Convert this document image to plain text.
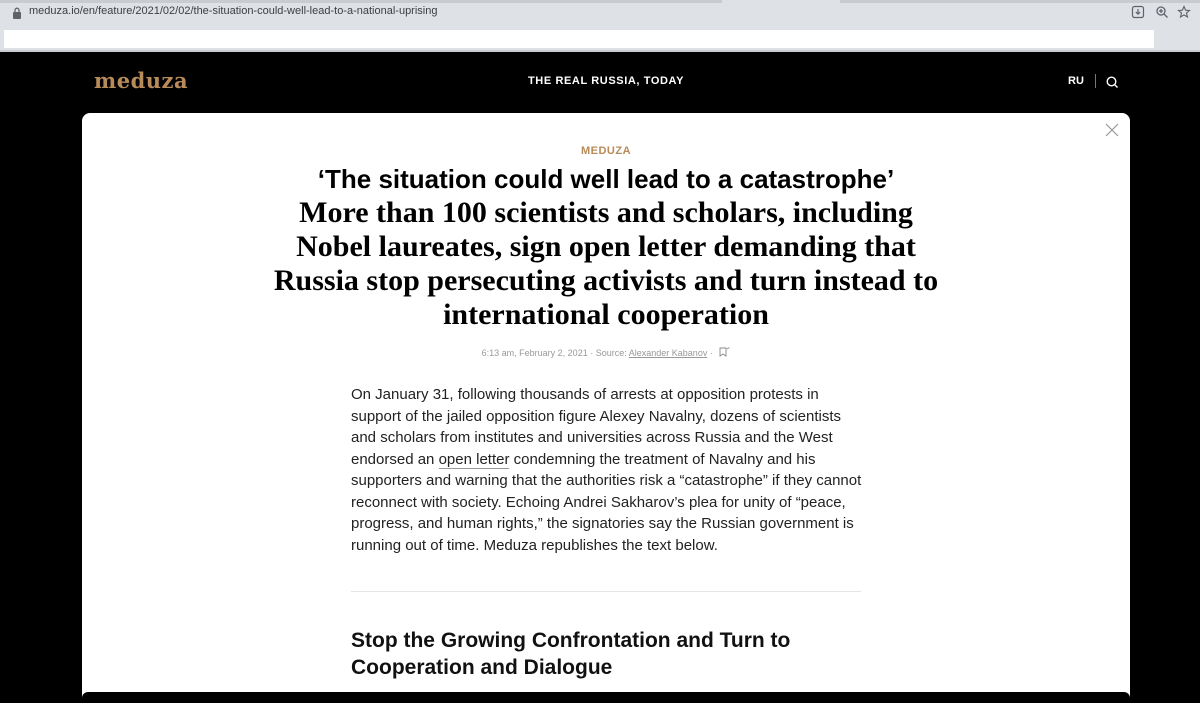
meduza.io/en/feature/2021/02/02/the-situation-could-well-lead-to-a-national-uprising
meduza	THE REAL RUSSIA, TODAY	RU
MEDUZA
‘The situation could well lead to a catastrophe’
More than 100 scientists and scholars, including Nobel laureates, sign open letter demanding that Russia stop persecuting activists and turn instead to international cooperation
6:13 am, February 2, 2021 · Source: Alexander Kabanov ·

On January 31, following thousands of arrests at opposition protests in support of the jailed opposition figure Alexey Navalny, dozens of scientists and scholars from institutes and universities across Russia and the West endorsed an open letter condemning the treatment of Navalny and his supporters and warning that the authorities risk a “catastrophe” if they cannot reconnect with society. Echoing Andrei Sakharov’s plea for unity of “peace, progress, and human rights,” the signatories say the Russian government is running out of time. Meduza republishes the text below.

Stop the Growing Confrontation and Turn to Cooperation and Dialogue
